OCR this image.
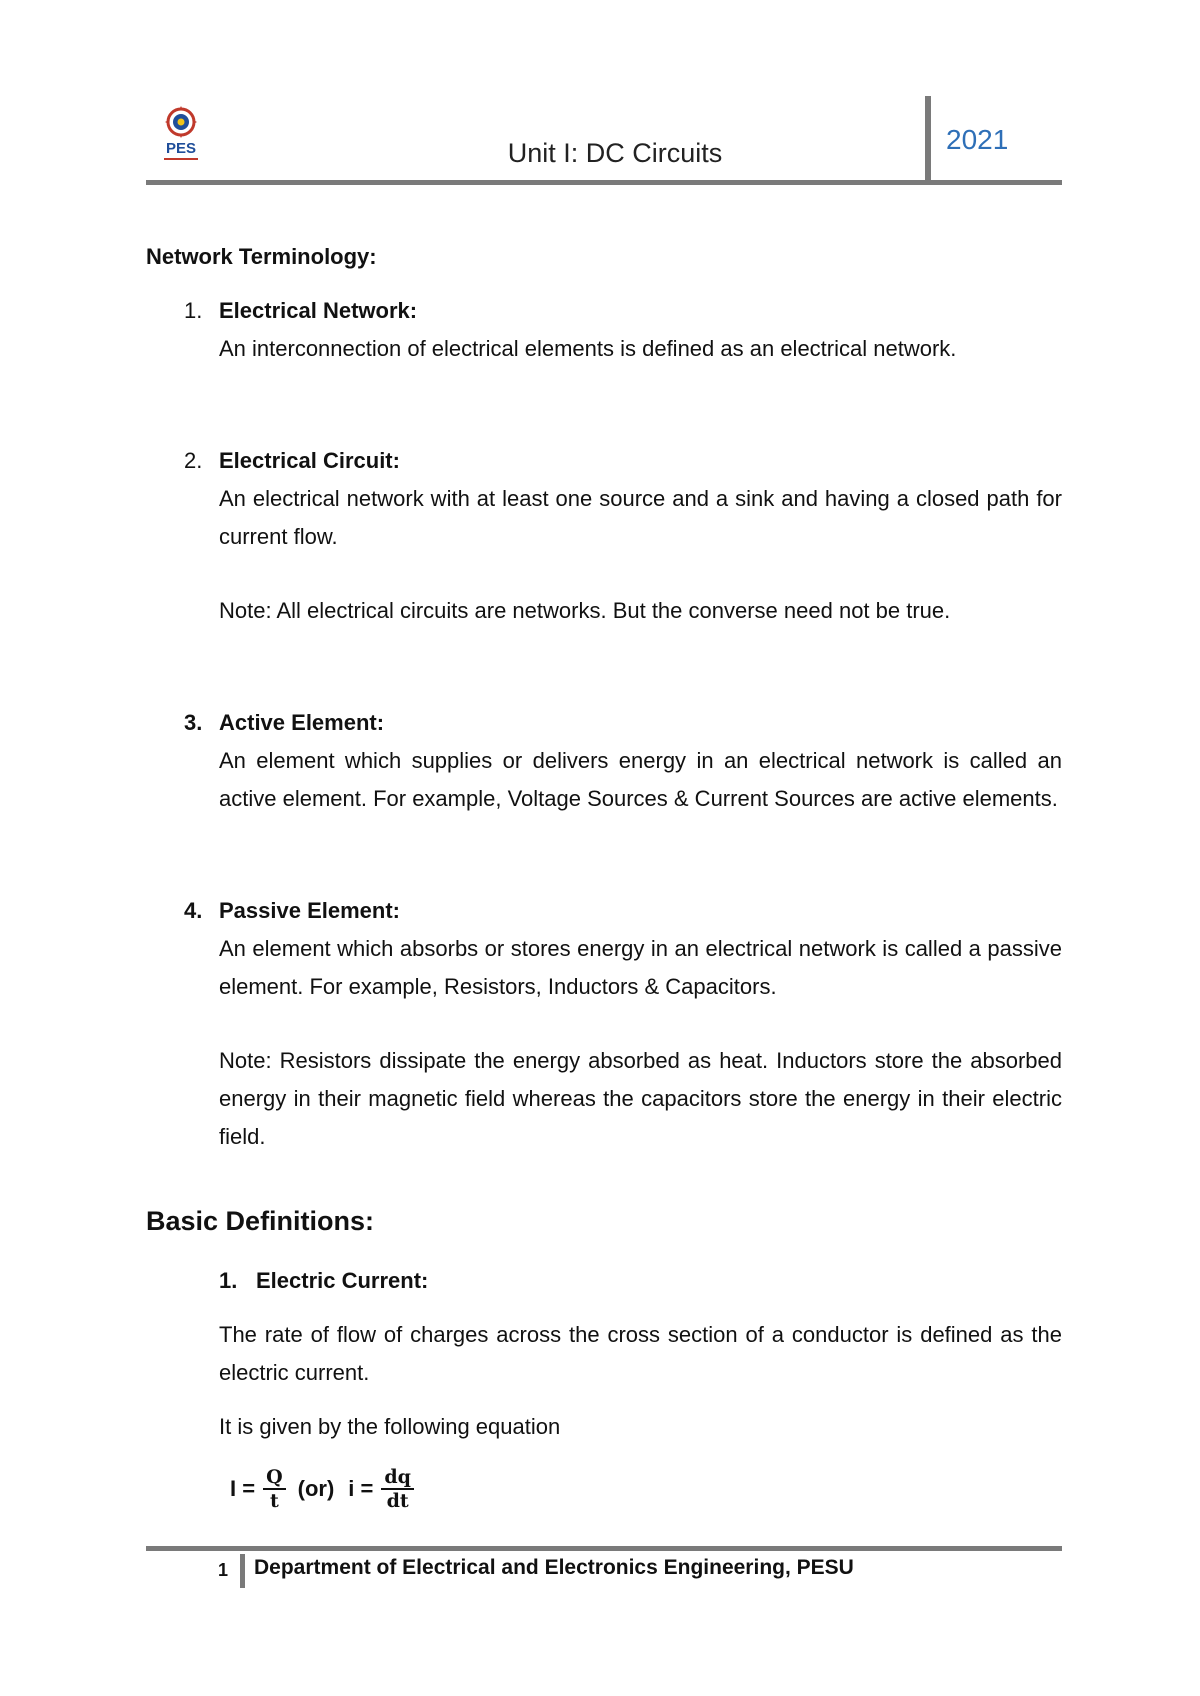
PES	Unit I: DC Circuits	2021
Network Terminology:
1. Electrical Network:
An interconnection of electrical elements is defined as an electrical network.
2. Electrical Circuit:
An electrical network with at least one source and a sink and having a closed path for current flow.
Note: All electrical circuits are networks. But the converse need not be true.
3. Active Element:
An element which supplies or delivers energy in an electrical network is called an active element. For example, Voltage Sources & Current Sources are active elements.
4. Passive Element:
An element which absorbs or stores energy in an electrical network is called a passive element. For example, Resistors, Inductors & Capacitors.
Note: Resistors dissipate the energy absorbed as heat. Inductors store the absorbed energy in their magnetic field whereas the capacitors store the energy in their electric field.
Basic Definitions:
1. Electric Current:
The rate of flow of charges across the cross section of a conductor is defined as the electric current.
It is given by the following equation
$I = \frac{Q}{t} (or) i = \frac{dq}{dt}$
1 Department of Electrical and Electronics Engineering, PESU
